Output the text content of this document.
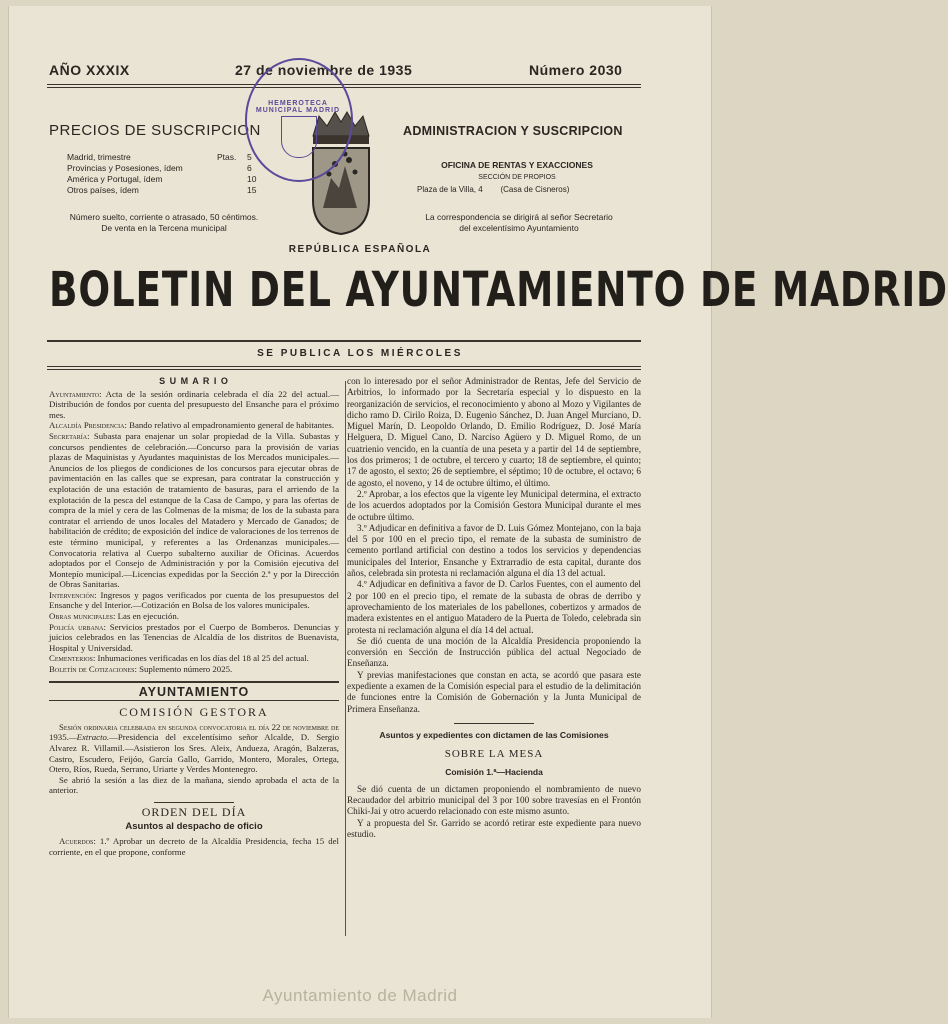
AÑO XXXIX	27 de noviembre de 1935	Número 2030
PRECIOS DE SUSCRIPCION
Madrid, trimestre	Ptas.	5
Provincias y Posesiones, ídem	6
América y Portugal, ídem	10
Otros países, ídem	15
Número suelto, corriente o atrasado, 50 céntimos.
De venta en la Tercena municipal
HEMEROTECA MUNICIPAL MADRID
ADMINISTRACION Y SUSCRIPCION
OFICINA DE RENTAS Y EXACCIONES
SECCIÓN DE PROPIOS
Plaza de la Villa, 4        (Casa de Cisneros)
La correspondencia se dirigirá al señor Secretario
del excelentísimo Ayuntamiento
REPÚBLICA ESPAÑOLA
BOLETIN DEL AYUNTAMIENTO DE MADRID
SE PUBLICA LOS MIÉRCOLES
S U M A R I O

Ayuntamiento: Acta de la sesión ordinaria celebrada el día 22 del actual.—Distribución de fondos por cuenta del presupuesto del Ensanche para el próximo mes.

Alcaldía Presidencia: Bando relativo al empadronamiento general de habitantes.

Secretaría: Subasta para enajenar un solar propiedad de la Villa. Subastas y concursos pendientes de celebración.—Concurso para la provisión de varias plazas de Maquinistas y Ayudantes maquinistas de los Mercados municipales.—Anuncios de los pliegos de condiciones de los concursos para ejecutar obras de pavimentación en las calles que se expresan, para contratar la construcción y explotación de una estación de tratamiento de basuras, para el arriendo de la explotación de la pesca del estanque de la Casa de Campo, y para las ofertas de compra de la miel y cera de las Colmenas de la misma; de los de la subasta para contratar el arriendo de unos locales del Matadero y Mercado de Ganados; de habilitación de crédito; de exposición del índice de valoraciones de los terrenos de este término municipal, y referentes a las Ordenanzas municipales.—Convocatoria relativa al Cuerpo subalterno auxiliar de Oficinas. Acuerdos adoptados por el Consejo de Administración y por la Comisión ejecutiva del Montepío municipal.—Licencias expedidas por la Sección 2.ª y por la Dirección de Obras Sanitarias.

Intervención: Ingresos y pagos verificados por cuenta de los presupuestos del Ensanche y del Interior.—Cotización en Bolsa de los valores municipales.

Obras municipales: Las en ejecución.

Policía urbana: Servicios prestados por el Cuerpo de Bomberos. Denuncias y juicios celebrados en las Tenencias de Alcaldía de los distritos de Buenavista, Hospital y Universidad.

Cementerios: Inhumaciones verificadas en los días del 18 al 25 del actual.

Boletín de Cotizaciones: Suplemento número 2025.

AYUNTAMIENTO
COMISIÓN GESTORA

Sesión ordinaria celebrada en segunda convocatoria el día 22 de noviembre de 1935.—Extracto.—Presidencia del excelentísimo señor Alcalde, D. Sergio Alvarez R. Villamil.—Asistieron los Sres. Aleix, Andueza, Aragón, Balzeras, Castro, Escudero, Feijóo, García Gallo, Garrido, Montero, Morales, Ortega, Otero, Ríos, Rueda, Serrano, Uriarte y Verdes Montenegro.

Se abrió la sesión a las diez de la mañana, siendo aprobada el acta de la anterior.

ORDEN DEL DÍA
Asuntos al despacho de oficio

Acuerdos: 1.º Aprobar un decreto de la Alcaldía Presidencia, fecha 15 del corriente, en el que propone, conforme

con lo interesado por el señor Administrador de Rentas, Jefe del Servicio de Arbitrios, lo informado por la Secretaría especial y lo dispuesto en la reorganización de servicios, el reconocimiento y abono al Mozo y Vigilantes de dicho ramo D. Cirilo Roiza, D. Eugenio Sánchez, D. Juan Angel Murciano, D. Miguel Marín, D. Leopoldo Orlando, D. Emilio Rodríguez, D. José María Helguera, D. Miguel Cano, D. Narciso Agüero y D. Miguel Romo, de un cuatrienio vencido, en la cuantía de una peseta y a partir del 14 de septiembre, los dos primeros; 1 de octubre, el tercero y cuarto; 18 de septiembre, el quinto; 17 de agosto, el sexto; 26 de septiembre, el séptimo; 10 de octubre, el octavo; 6 de agosto, el noveno, y 14 de octubre último, el último.

2.º Aprobar, a los efectos que la vigente ley Municipal determina, el extracto de los acuerdos adoptados por la Comisión Gestora Municipal durante el mes de octubre último.

3.º Adjudicar en definitiva a favor de D. Luis Gómez Montejano, con la baja del 5 por 100 en el precio tipo, el remate de la subasta de suministro de cemento portland artificial con destino a todos los servicios y dependencias municipales del Interior, Ensanche y Extrarradio de esta capital, durante dos años, celebrada sin protesta ni reclamación alguna el día 13 del actual.

4.º Adjudicar en definitiva a favor de D. Carlos Fuentes, con el aumento del 2 por 100 en el precio tipo, el remate de la subasta de obras de derribo y aprovechamiento de los materiales de los pabellones, cobertizos y armados de madera existentes en el antiguo Matadero de la Puerta de Toledo, celebrada sin protesta ni reclamación alguna el día 14 del actual.

Se dió cuenta de una moción de la Alcaldía Presidencia proponiendo la conversión en Sección de Instrucción pública del actual Negociado de Enseñanza.

Y previas manifestaciones que constan en acta, se acordó que pasara este expediente a examen de la Comisión especial para el estudio de la delimitación de funciones entre la Comisión de Gobernación y la Junta Municipal de Primera Enseñanza.

Asuntos y expedientes con dictamen de las Comisiones
SOBRE LA MESA
Comisión 1.ª—Hacienda

Se dió cuenta de un dictamen proponiendo el nombramiento de nuevo Recaudador del arbitrio municipal del 3 por 100 sobre travesías en el Frontón Chiki-Jai y otro acuerdo relacionado con este mismo asunto.

Y a propuesta del Sr. Garrido se acordó retirar este expediente para nuevo estudio.

Ayuntamiento de Madrid
